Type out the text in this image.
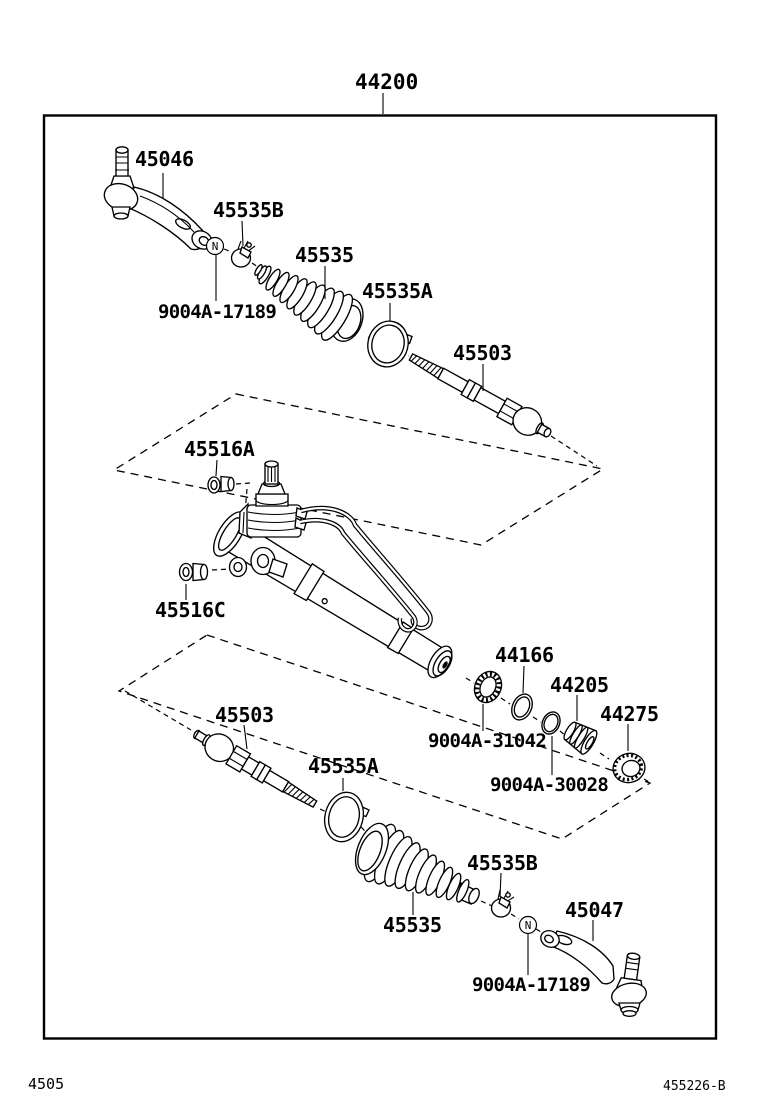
N
N
44200
45046
45535B
45535
9004A-17189
45535A
45503
45516A
45516C
44166
44205
44275
9004A-31042
9004A-30028
45503
45535A
45535B
45535
45047
9004A-17189
4505	455226-B
